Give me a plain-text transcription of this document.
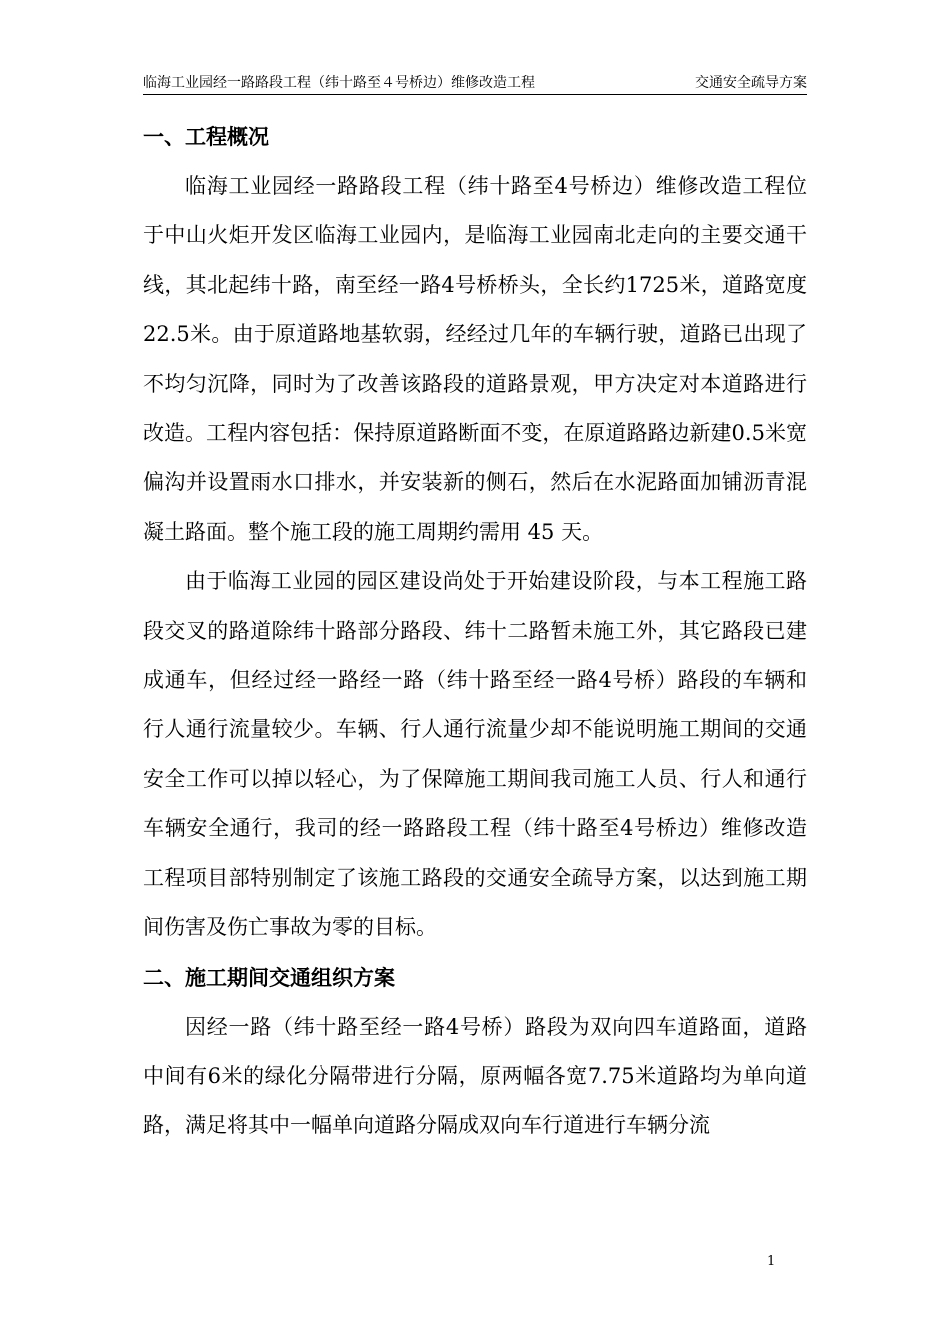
临海工业园经一路路段工程（纬十路至４号桥边）维修改造工程	交通安全疏导方案
一、工程概况

临海工业园经一路路段工程（纬十路至4号桥边）维修改造工程位于中山火炬开发区临海工业园内，是临海工业园南北走向的主要交通干线，其北起纬十路，南至经一路4号桥桥头，全长约1725米，道路宽度22.5米。由于原道路地基软弱，经经过几年的车辆行驶，道路已出现了不均匀沉降，同时为了改善该路段的道路景观，甲方决定对本道路进行改造。工程内容包括：保持原道路断面不变，在原道路路边新建0.5米宽偏沟并设置雨水口排水，并安装新的侧石，然后在水泥路面加铺沥青混凝土路面。整个施工段的施工周期约需用 45 天。

由于临海工业园的园区建设尚处于开始建设阶段，与本工程施工路段交叉的路道除纬十路部分路段、纬十二路暂未施工外，其它路段已建成通车，但经过经一路经一路（纬十路至经一路4号桥）路段的车辆和行人通行流量较少。车辆、行人通行流量少却不能说明施工期间的交通安全工作可以掉以轻心，为了保障施工期间我司施工人员、行人和通行车辆安全通行，我司的经一路路段工程（纬十路至4号桥边）维修改造工程项目部特别制定了该施工路段的交通安全疏导方案，以达到施工期间伤害及伤亡事故为零的目标。

二、施工期间交通组织方案

因经一路（纬十路至经一路4号桥）路段为双向四车道路面，道路中间有6米的绿化分隔带进行分隔，原两幅各宽7.75米道路均为单向道路，满足将其中一幅单向道路分隔成双向车行道进行车辆分流

1
